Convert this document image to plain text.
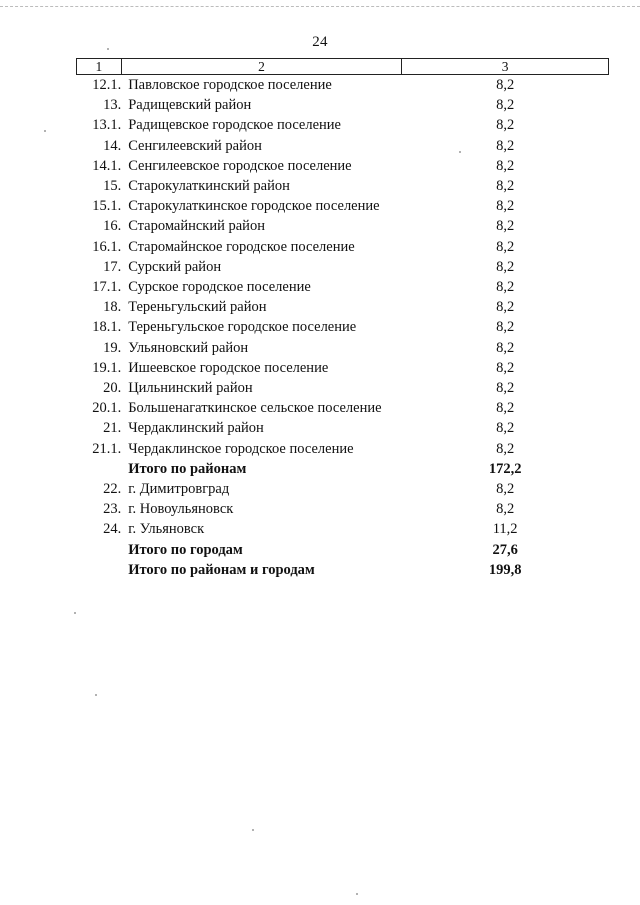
24
1	2	3
12.1.	Павловское городское поселение	8,2
13.	Радищевский район	8,2
13.1.	Радищевское городское поселение	8,2
14.	Сенгилеевский район	8,2
14.1.	Сенгилеевское городское поселение	8,2
15.	Старокулаткинский район	8,2
15.1.	Старокулаткинское городское поселение	8,2
16.	Старомайнский район	8,2
16.1.	Старомайнское городское поселение	8,2
17.	Сурский район	8,2
17.1.	Сурское городское поселение	8,2
18.	Тереньгульский район	8,2
18.1.	Тереньгульское городское поселение	8,2
19.	Ульяновский район	8,2
19.1.	Ишеевское городское поселение	8,2
20.	Цильнинский район	8,2
20.1.	Большенагаткинское сельское поселение	8,2
21.	Чердаклинский район	8,2
21.1.	Чердаклинское городское поселение	8,2
	Итого по районам	172,2
22.	г. Димитровград	8,2
23.	г. Новоульяновск	8,2
24.	г. Ульяновск	11,2
	Итого по городам	27,6
	Итого по районам и городам	199,8
